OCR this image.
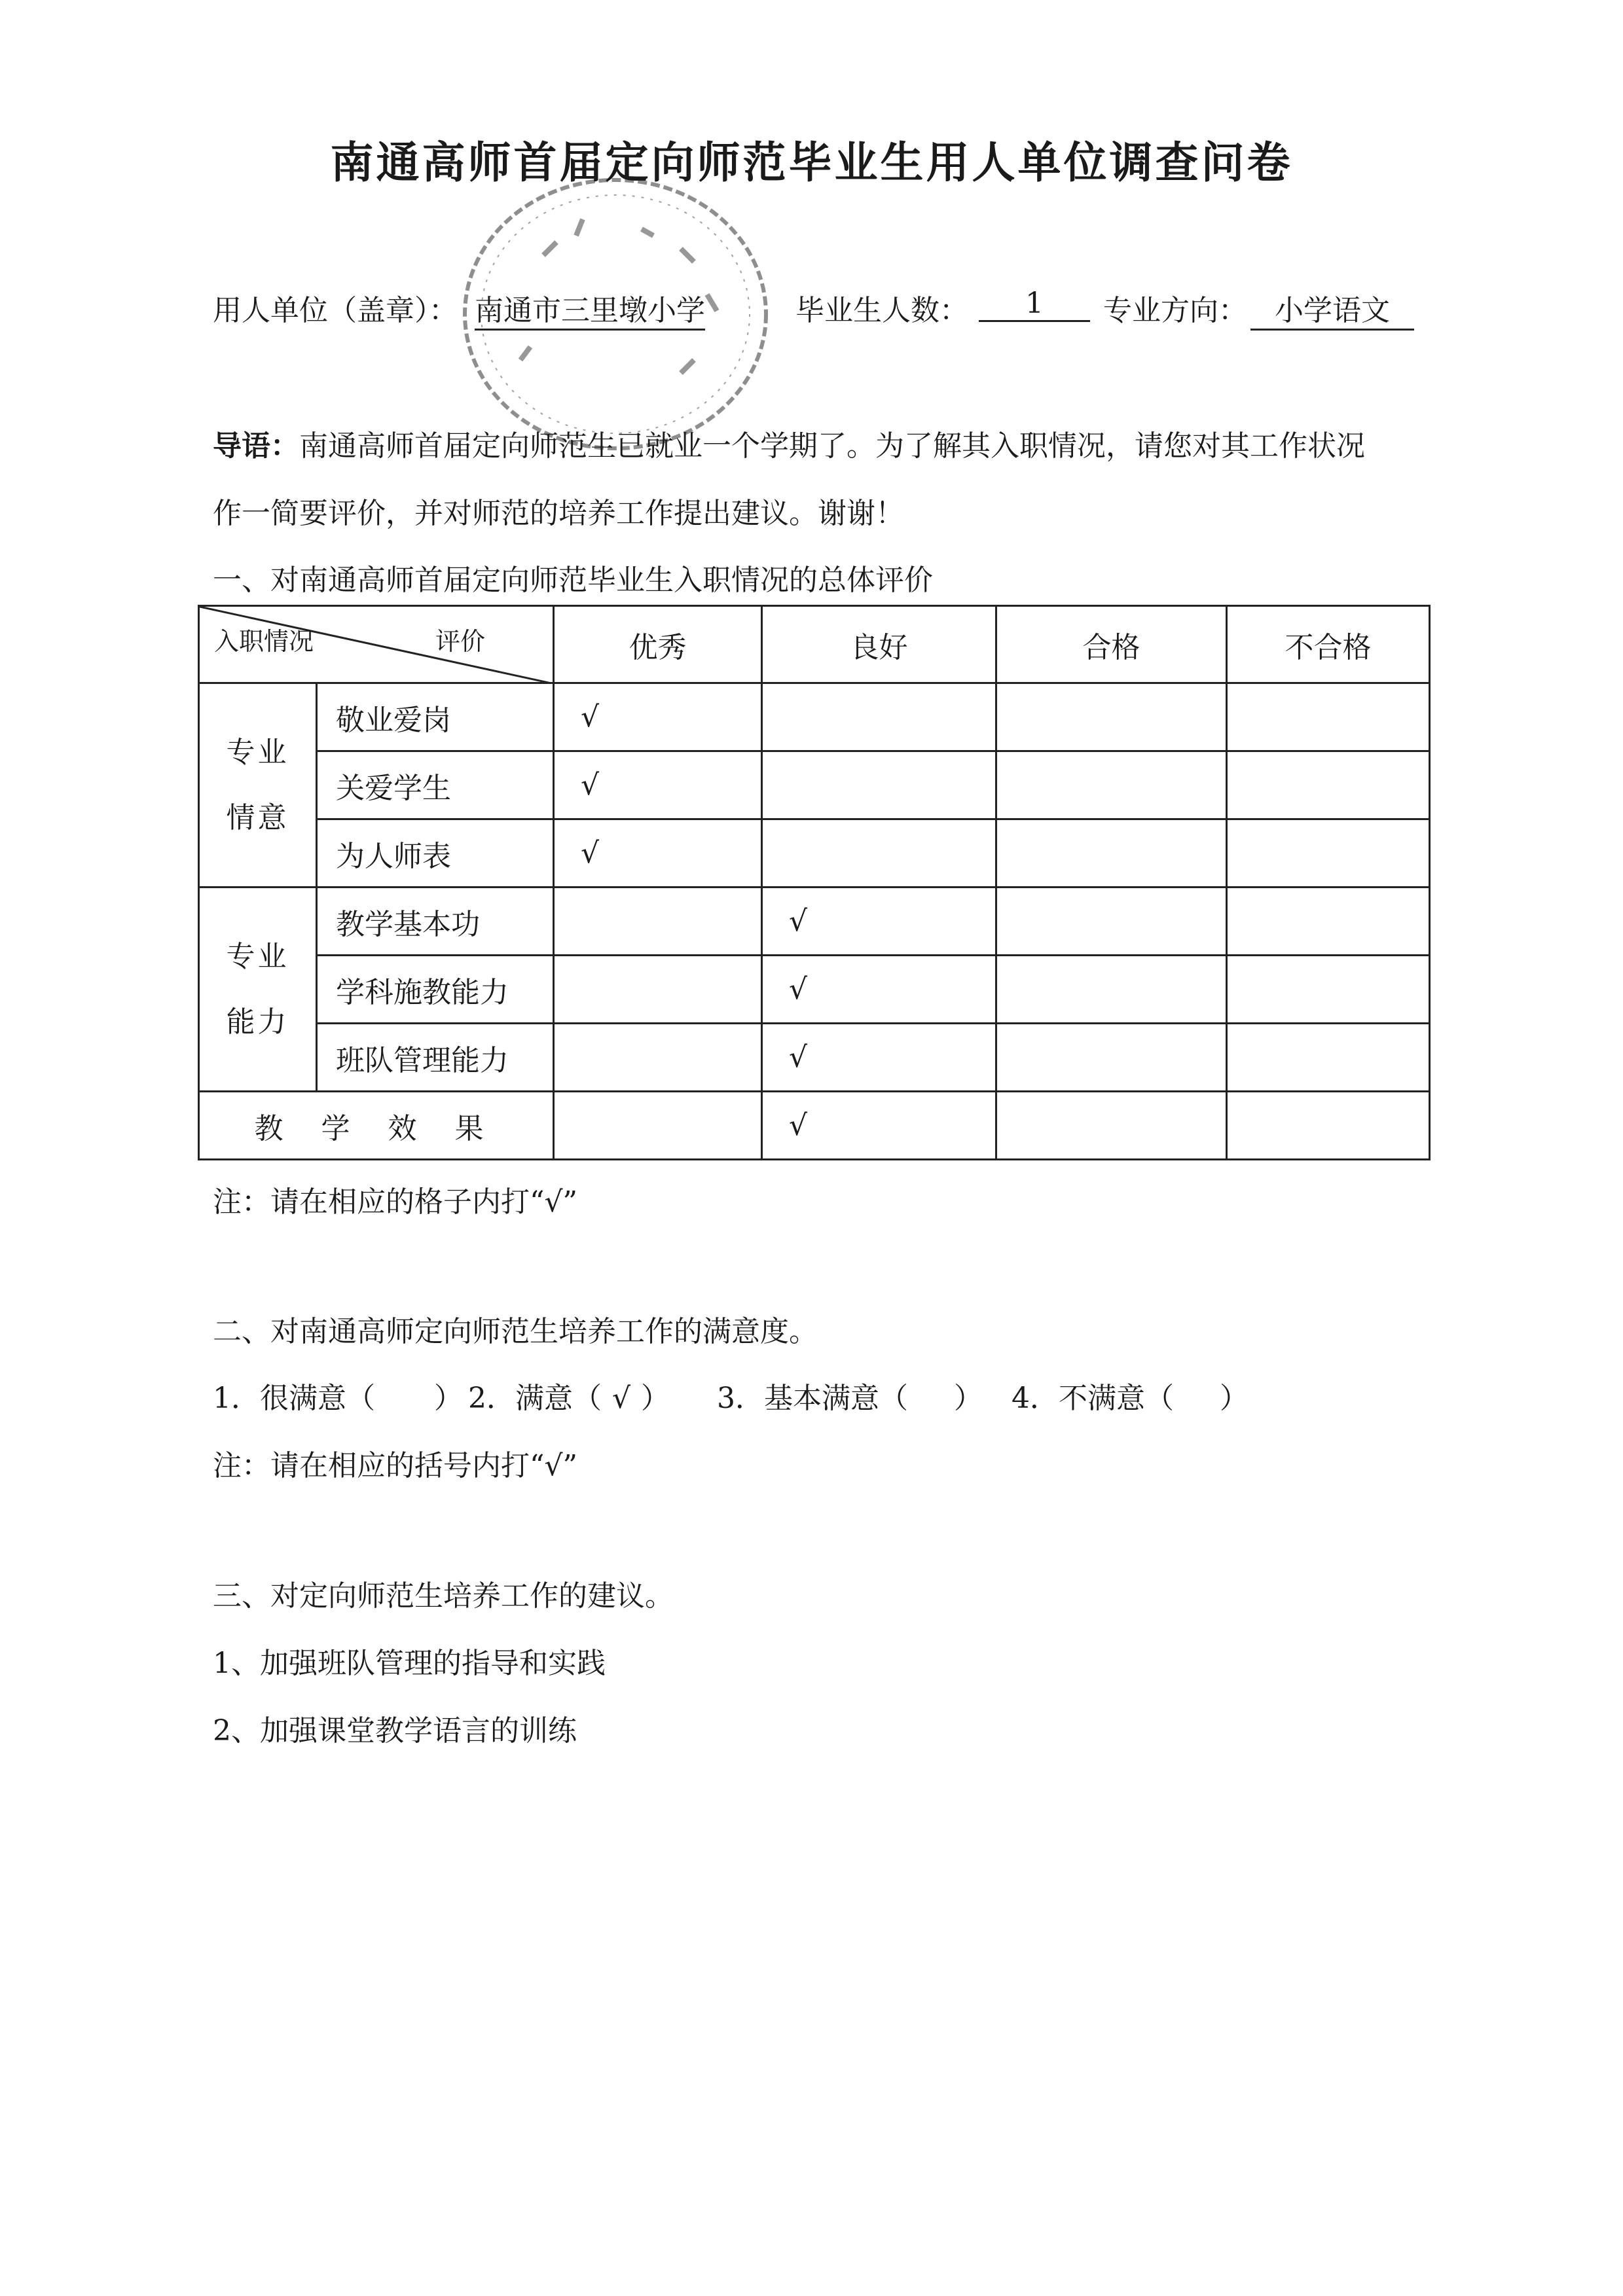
南通高师首届定向师范毕业生用人单位调查问卷
用人单位（盖章）： 南通市三里墩小学	毕业生人数：	1	专业方向： 小学语文
导语：南通高师首届定向师范生已就业一个学期了。为了解其入职情况，请您对其工作状况
作一简要评价，并对师范的培养工作提出建议。谢谢！
一、对南通高师首届定向师范毕业生入职情况的总体评价
入职情况 评价		优秀	良好	合格	不合格

专业
情意	敬业爱岗	√			
	关爱学生	√			
	为人师表	√			

专业
能力	教学基本功		√		
	学科施教能力		√		
	班队管理能力		√		
教 学 效 果			√		
注：请在相应的格子内打“√”
二、对南通高师定向师范生培养工作的满意度。
1．很满意（ ） 2．满意（ √ ） 3．基本满意（ ） 4．不满意（ ）
注：请在相应的括号内打“√”
三、对定向师范生培养工作的建议。
1、加强班队管理的指导和实践
2、加强课堂教学语言的训练
